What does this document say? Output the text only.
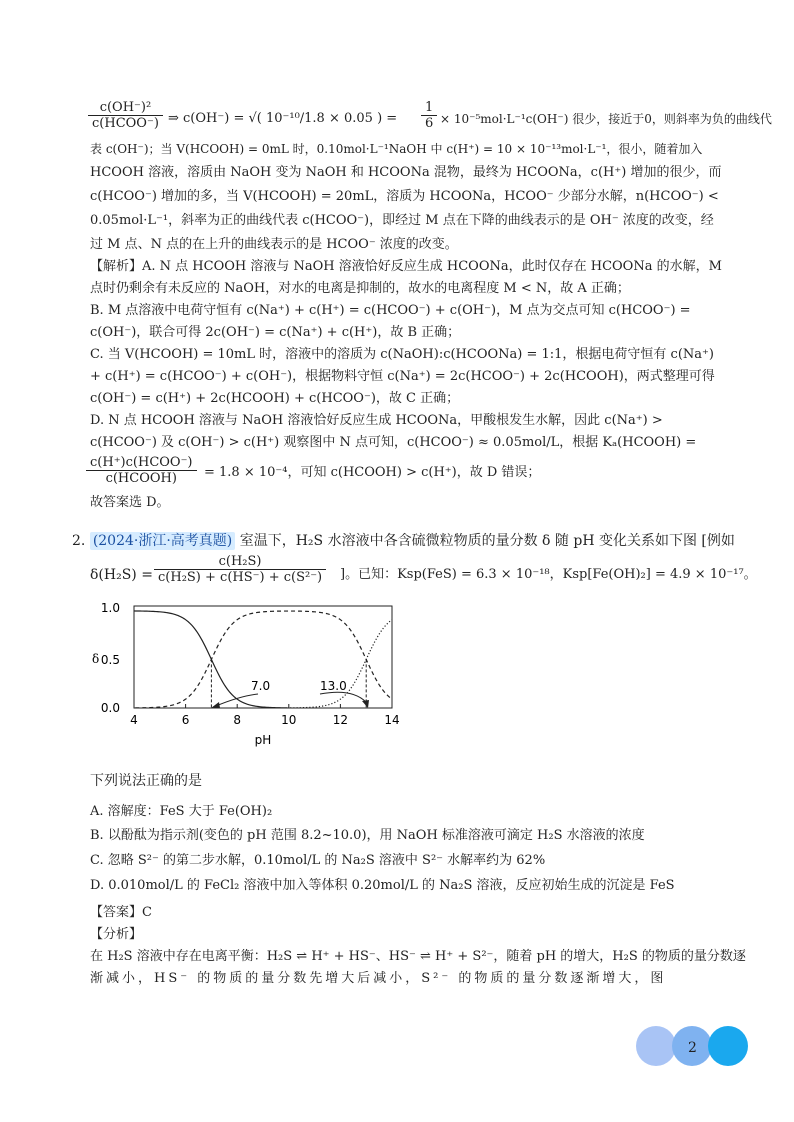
c(OH⁻)²
c(HCOO⁻) ⇒ c(OH⁻) = √( 10⁻¹⁰/1.8 × 0.05 ) = $\frac{1}{6} \times 10^{-5}mol\cdot L^{-1}c(OH^-)$ 很少，接近于0，则斜率为负的曲线代
表 c(OH⁻)；当 V(HCOOH) = 0mL 时，0.10mol·L⁻¹NaOH 中 c(H⁺) = 10 × 10⁻¹³mol·L⁻¹，很小，随着加入
HCOOH 溶液，溶质由 NaOH 变为 NaOH 和 HCOONa 混物，最终为 HCOONa，c(H⁺) 增加的很少，而
c(HCOO⁻) 增加的多，当 V(HCOOH) = 20mL，溶质为 HCOONa，HCOO⁻ 少部分水解，n(HCOO⁻) <
0.05mol·L⁻¹，斜率为正的曲线代表 c(HCOO⁻)，即经过 M 点在下降的曲线表示的是 OH⁻ 浓度的改变，经
过 M 点、N 点的在上升的曲线表示的是 HCOO⁻ 浓度的改变。
【解析】A. N 点 HCOOH 溶液与 NaOH 溶液恰好反应生成 HCOONa，此时仅存在 HCOONa 的水解，M
点时仍剩余有未反应的 NaOH，对水的电离是抑制的，故水的电离程度 M < N，故 A 正确；
B. M 点溶液中电荷守恒有 c(Na⁺) + c(H⁺) = c(HCOO⁻) + c(OH⁻)，M 点为交点可知 c(HCOO⁻) =
c(OH⁻)，联合可得 2c(OH⁻) = c(Na⁺) + c(H⁺)，故 B 正确；
C. 当 V(HCOOH) = 10mL 时，溶液中的溶质为 c(NaOH):c(HCOONa) = 1:1，根据电荷守恒有 c(Na⁺)
+ c(H⁺) = c(HCOO⁻) + c(OH⁻)，根据物料守恒 c(Na⁺) = 2c(HCOO⁻) + 2c(HCOOH)，两式整理可得
c(OH⁻) = c(H⁺) + 2c(HCOOH) + c(HCOO⁻)，故 C 正确；
D. N 点 HCOOH 溶液与 NaOH 溶液恰好反应生成 HCOONa，甲酸根发生水解，因此 c(Na⁺) >
c(HCOO⁻) 及 c(OH⁻) > c(H⁺) 观察图中 N 点可知，c(HCOO⁻) ≈ 0.05mol/L，根据 Kₐ(HCOOH) =
c(H⁺)c(HCOO⁻)
c(HCOOH)	= 1.8 × 10⁻⁴，可知 c(HCOOH) > c(H⁺)，故 D 错误；
故答案选 D。
2. (2024·浙江·高考真题) 室温下，H₂S 水溶液中各含硫微粒物质的量分数 δ 随 pH 变化关系如下图 [例如
$\delta(H_2S) = \frac{\text{c(H₂S)}}{\text{c(H₂S) + c(HS⁻) + c(S²⁻)}}$ ]。已知：Ksp(FeS) = 6.3 × 10⁻¹⁸，Ksp[Fe(OH)₂] = 4.9 × 10⁻¹⁷。
1.0
0.5
0.0
δ
4	6	8	10	12	14
pH
7.0	13.0
下列说法正确的是
A. 溶解度：FeS 大于 Fe(OH)₂
B. 以酚酞为指示剂(变色的 pH 范围 8.2~10.0)，用 NaOH 标准溶液可滴定 H₂S 水溶液的浓度
C. 忽略 S²⁻ 的第二步水解，0.10mol/L 的 Na₂S 溶液中 S²⁻ 水解率约为 62%
D. 0.010mol/L 的 FeCl₂ 溶液中加入等体积 0.20mol/L 的 Na₂S 溶液，反应初始生成的沉淀是 FeS
【答案】C
【分析】
在 H₂S 溶液中存在电离平衡：H₂S ⇌ H⁺ + HS⁻、HS⁻ ⇌ H⁺ + S²⁻，随着 pH 的增大，H₂S 的物质的量分数逐
渐减小，HS⁻ 的物质的量分数先增大后减小，S²⁻ 的物质的量分数逐渐增大，图
2
